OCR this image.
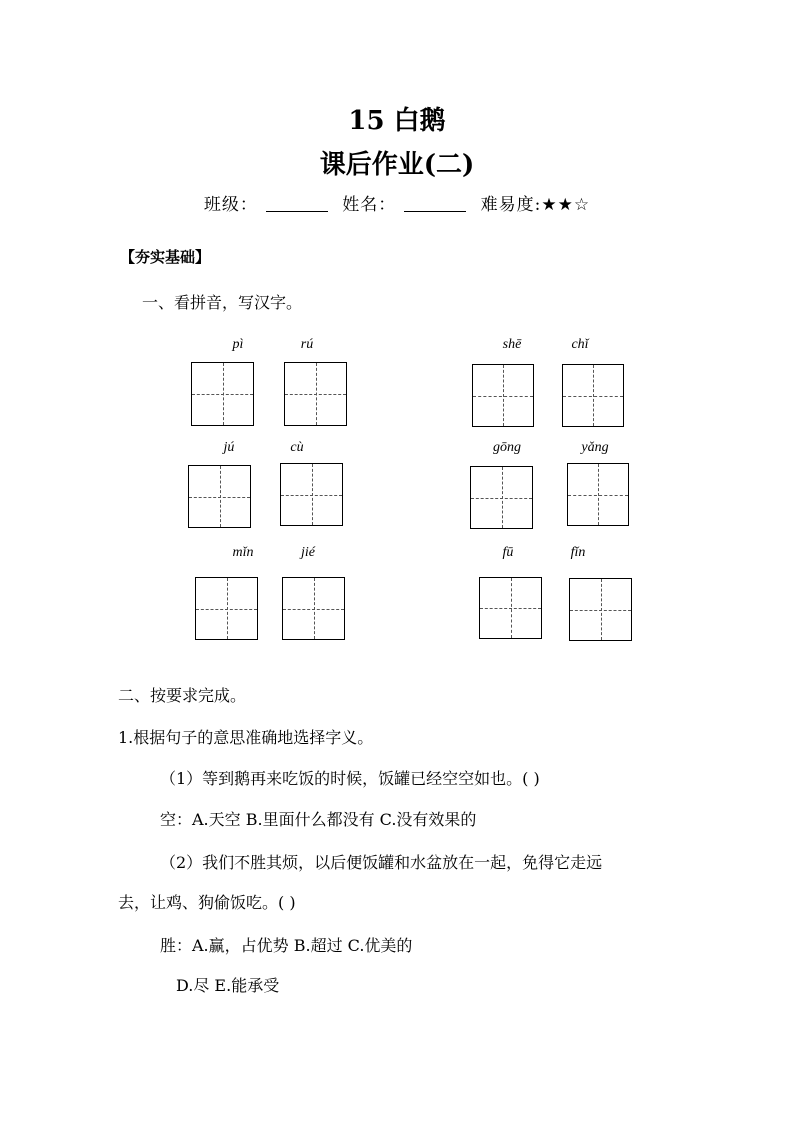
15 白鹅
课后作业(二)
班级：	姓名：	难易度:★★☆
【夯实基础】
一、看拼音，写汉字。
pì	rú	shē	chǐ
jú	cù	gōng	yǎng
mǐn	jié	fū	fǐn
二、按要求完成。
1.根据句子的意思准确地选择字义。
（1）等到鹅再来吃饭的时候，饭罐已经空空如也。( )
空：A.天空 B.里面什么都没有 C.没有效果的
（2）我们不胜其烦，以后便饭罐和水盆放在一起，免得它走远
去，让鸡、狗偷饭吃。( )
胜：A.赢，占优势 B.超过 C.优美的
D.尽 E.能承受
